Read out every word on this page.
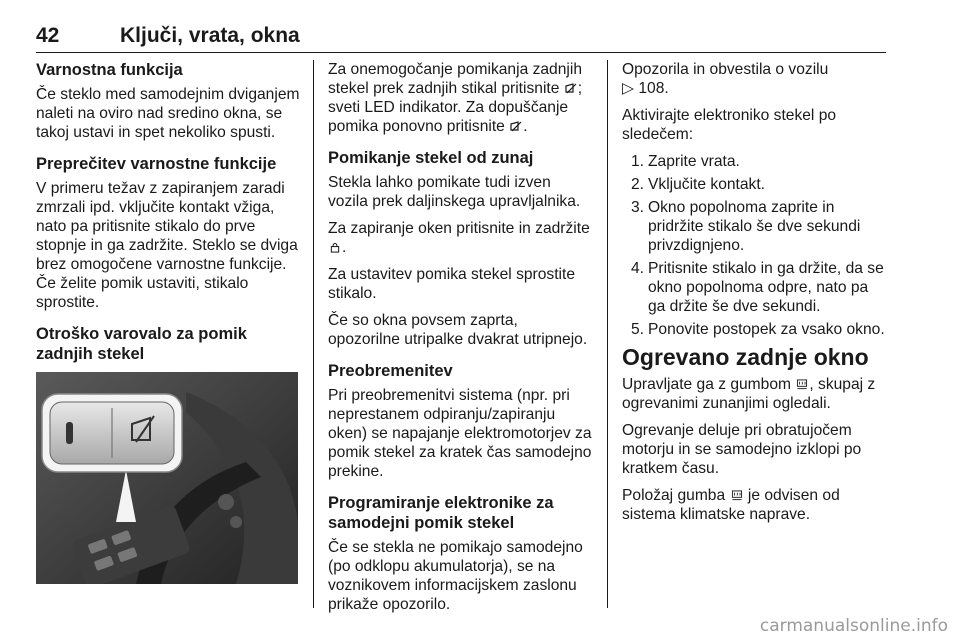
42	Ključi, vrata, okna
Varnostna funkcija

Če steklo med samodejnim dviganjem naleti na oviro nad sredino okna, se takoj ustavi in spet nekoliko spusti.

Preprečitev varnostne funkcije

V primeru težav z zapiranjem zaradi zmrzali ipd. vključite kontakt vžiga, nato pa pritisnite stikalo do prve stopnje in ga zadržite. Steklo se dviga brez omogočene varnostne funkcije. Če želite pomik ustaviti, stikalo sprostite.

Otroško varovalo za pomik zadnjih stekel

Za onemogočanje pomikanja zadnjih stekel prek zadnjih stikal pritisnite ; sveti LED indikator. Za dopuščanje pomika ponovno pritisnite .

Pomikanje stekel od zunaj

Stekla lahko pomikate tudi izven vozila prek daljinskega upravljalnika.

Za zapiranje oken pritisnite in zadržite .

Za ustavitev pomika stekel sprostite stikalo.

Če so okna povsem zaprta, opozorilne utripalke dvakrat utripnejo.

Preobremenitev

Pri preobremenitvi sistema (npr. pri neprestanem odpiranju/zapiranju oken) se napajanje elektromotorjev za pomik stekel za kratek čas samodejno prekine.

Programiranje elektronike za samodejni pomik stekel

Če se stekla ne pomikajo samodejno (po odklopu akumulatorja), se na voznikovem informacijskem zaslonu prikaže opozorilo.

Opozorila in obvestila o vozilu
▷ 108.

Aktivirajte elektroniko stekel po sledečem:

1. Zaprite vrata.
2. Vključite kontakt.
3. Okno popolnoma zaprite in pridržite stikalo še dve sekundi privzdignjeno.
4. Pritisnite stikalo in ga držite, da se okno popolnoma odpre, nato pa ga držite še dve sekundi.
5. Ponovite postopek za vsako okno.
Ogrevano zadnje okno

Upravljate ga z gumbom , skupaj z ogrevanimi zunanjimi ogledali.

Ogrevanje deluje pri obratujočem motorju in se samodejno izklopi po kratkem času.

Položaj gumba je odvisen od sistema klimatske naprave.

carmanualsonline.info
